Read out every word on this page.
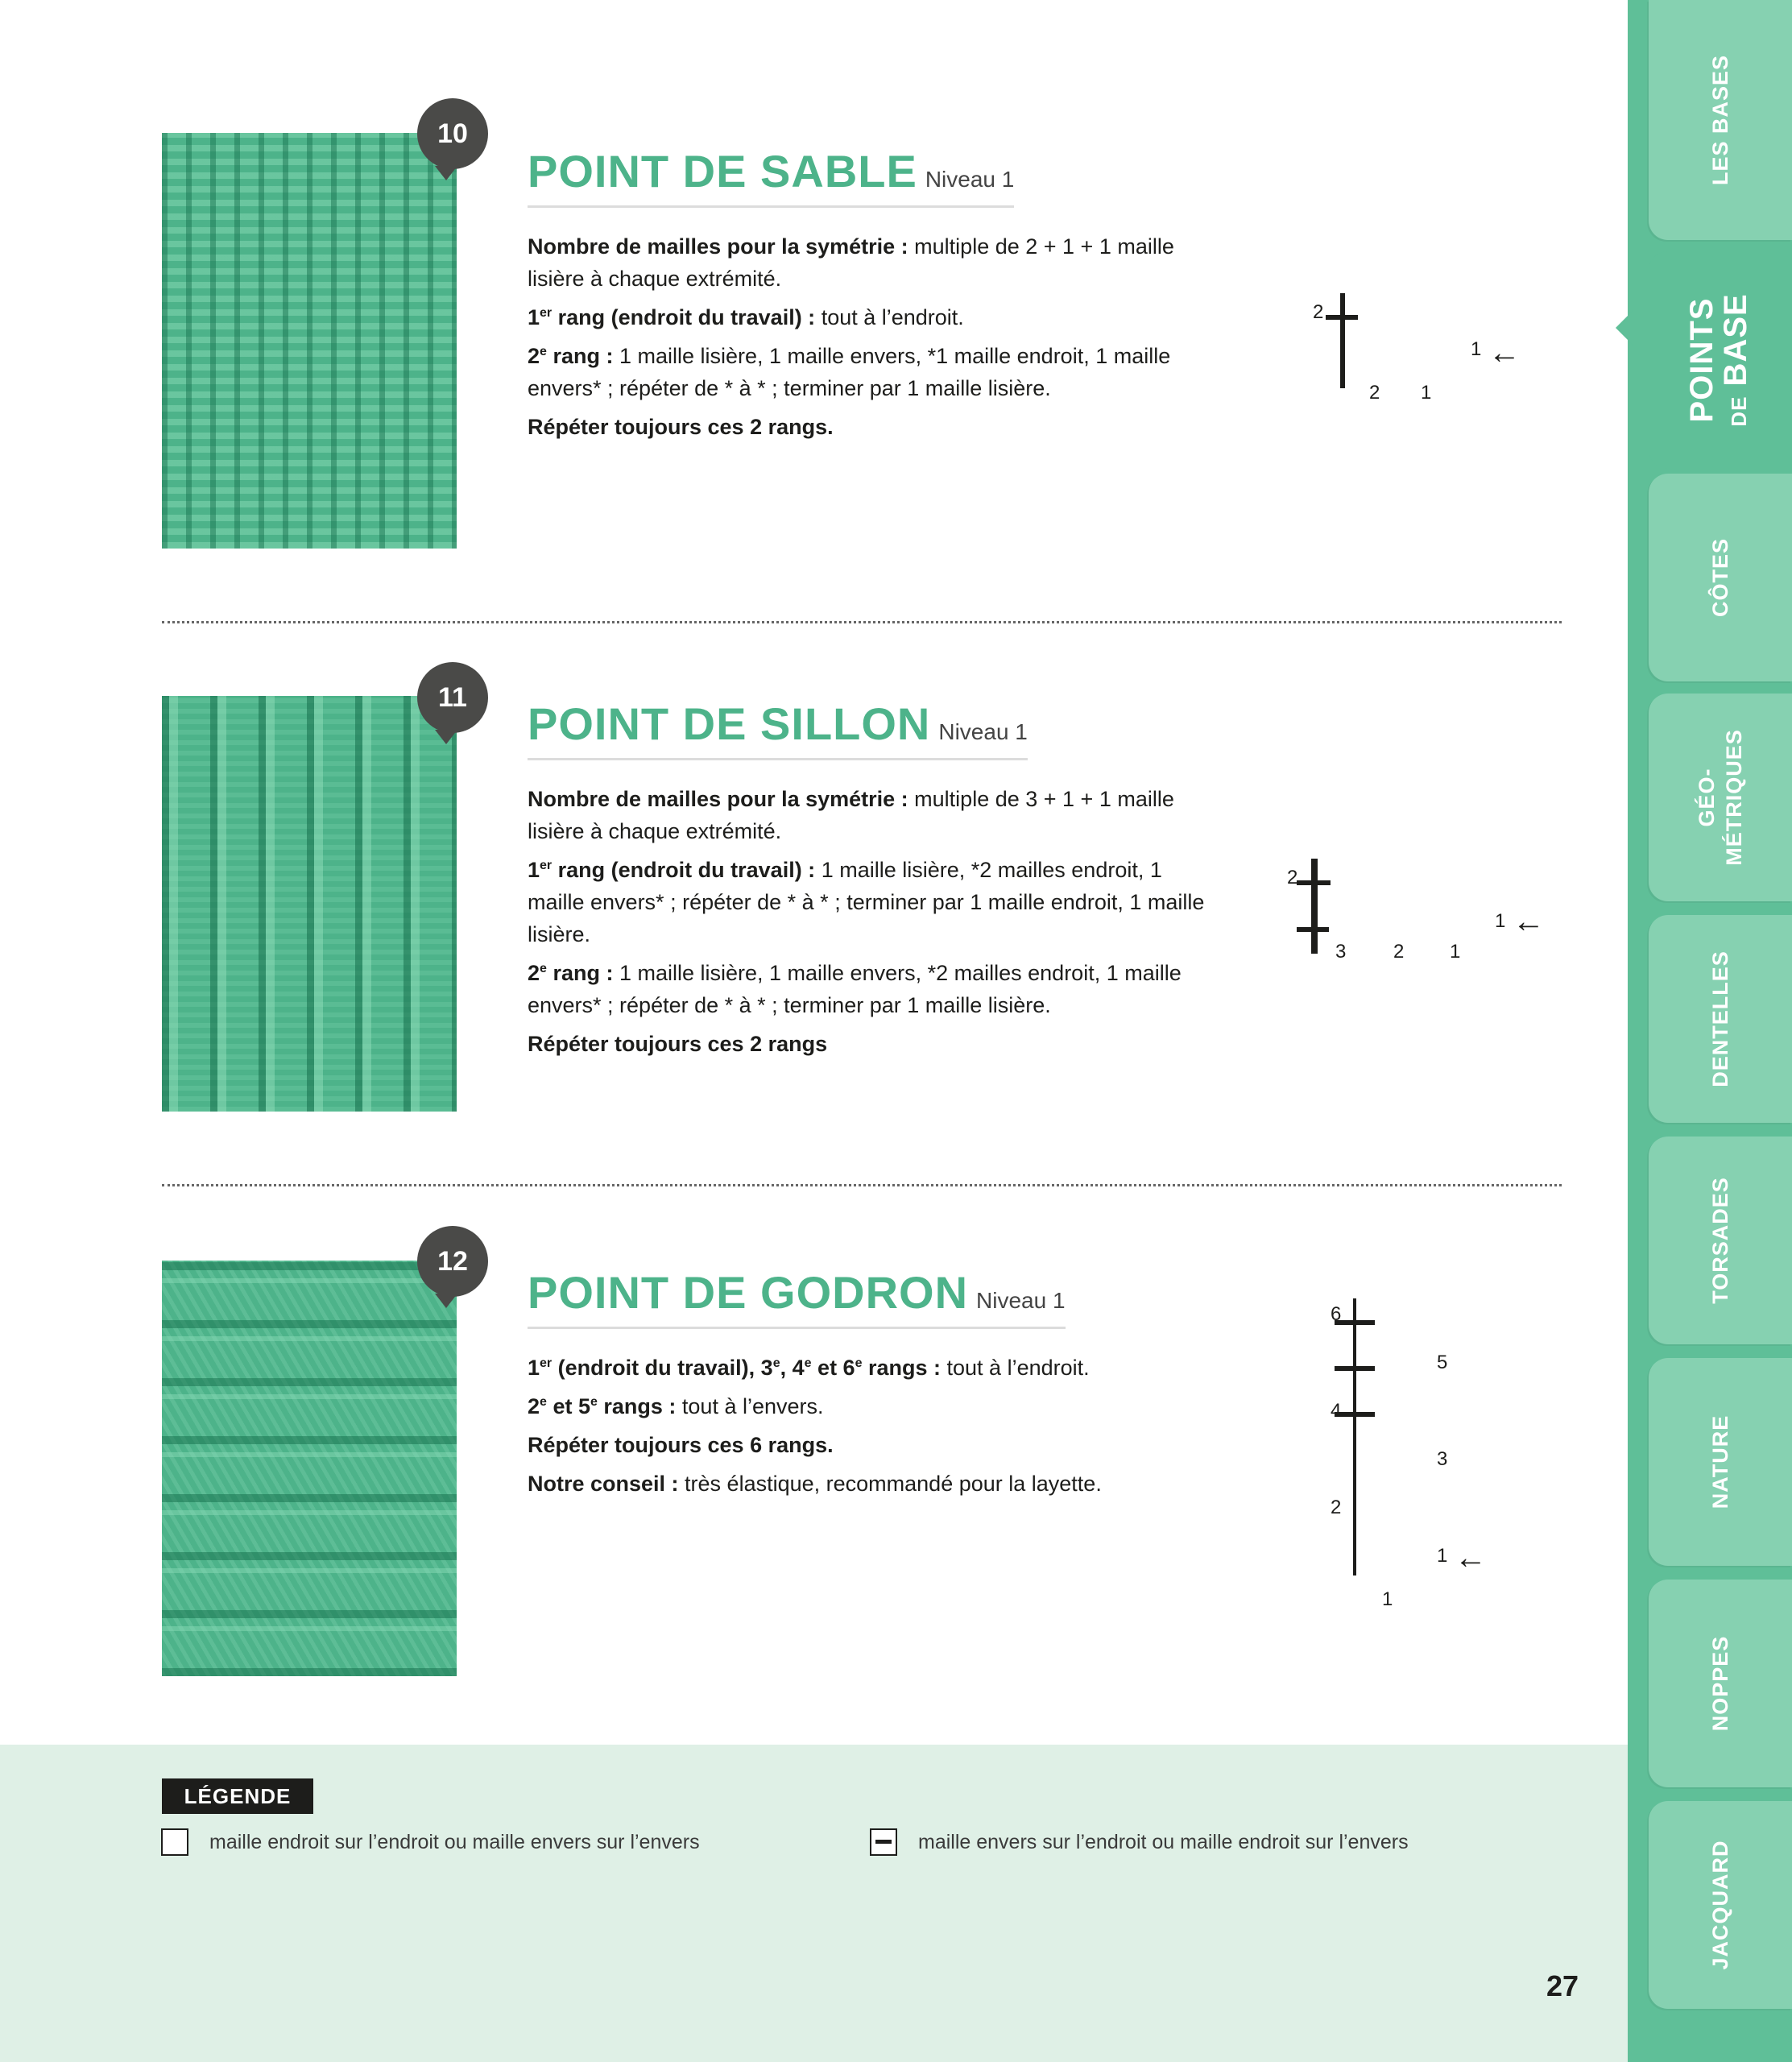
10
POINT DE SABLE Niveau 1

Nombre de mailles pour la symétrie : multiple de 2 + 1 + 1 maille lisière à chaque extrémité.

1er rang (endroit du travail) : tout à l’endroit.

2e rang : 1 maille lisière, 1 maille envers, *1 maille endroit, 1 maille envers* ; répéter de * à * ; terminer par 1 maille lisière.

Répéter toujours ces 2 rangs.

2
1 ←
2 1
11
POINT DE SILLON Niveau 1

Nombre de mailles pour la symétrie : multiple de 3 + 1 + 1 maille lisière à chaque extrémité.

1er rang (endroit du travail) : 1 maille lisière, *2 mailles endroit, 1 maille envers* ; répéter de * à * ; terminer par 1 maille endroit, 1 maille lisière.

2e rang : 1 maille lisière, 1 maille envers, *2 mailles endroit, 1 maille envers* ; répéter de * à * ; terminer par 1 maille lisière.

Répéter toujours ces 2 rangs

2
1 ←
3 2 1
12
POINT DE GODRON Niveau 1

1er (endroit du travail), 3e, 4e et 6e rangs : tout à l’endroit.

2e et 5e rangs : tout à l’envers.

Répéter toujours ces 6 rangs.

Notre conseil : très élastique, recommandé pour la layette.

6
5
4
3
2
1 ←
1
LÉGENDE
maille endroit sur l’endroit ou maille envers sur l’envers	maille envers sur l’endroit ou maille endroit sur l’envers
27
LES BASES
POINTS DE BASE
CÔTES
GÉO- MÉTRIQUES
DENTELLES
TORSADES
NATURE
NOPPES
JACQUARD
